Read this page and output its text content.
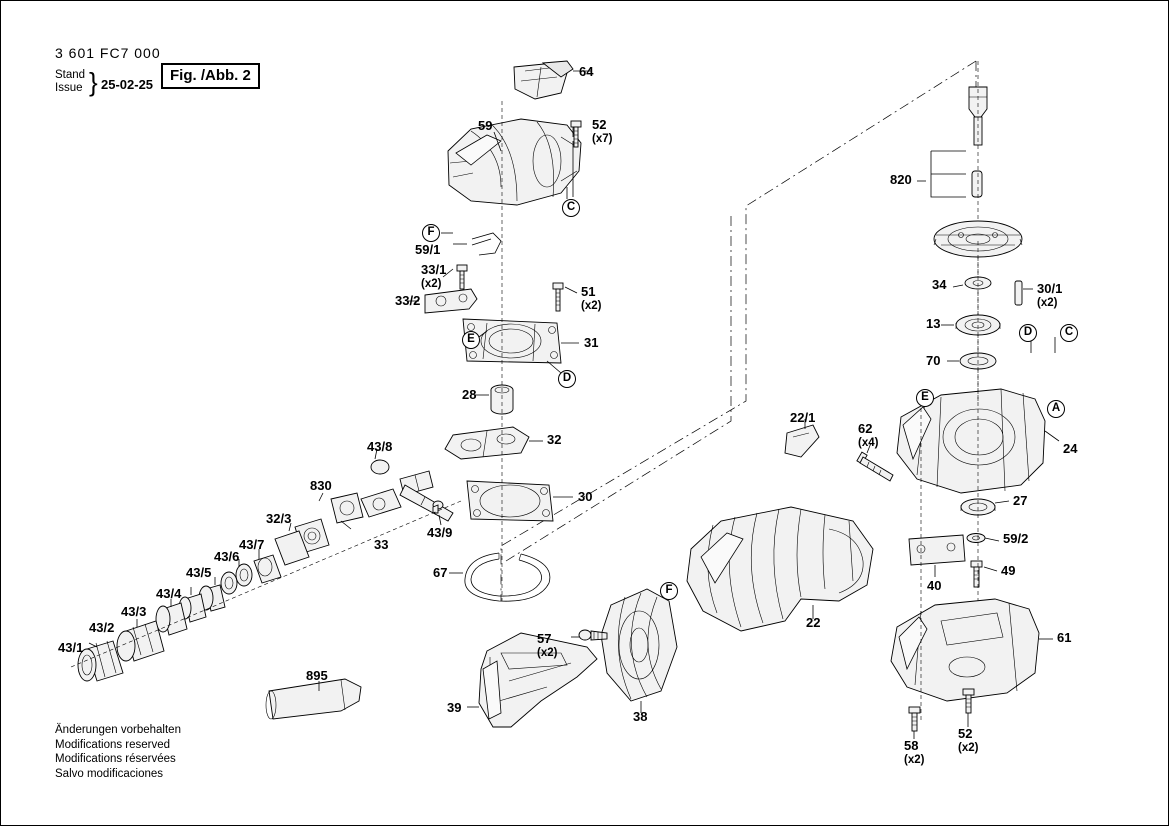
3 601 FC7 000
Stand
Issue } 25-02-25
Fig. /Abb. 2
Änderungen vorbehalten
Modifications reserved
Modifications réservées
Salvo modificaciones
64
59	52
(x7)
59/1
33/1
(x2)
33/2
51
(x2)
31
28
32
30
67
43/8
830
33
43/9
32/3
43/7
43/6
43/5
43/4
43/3
43/2
43/1
895
57
(x2)
39
38
22
22/1
62
(x4)
820
34
13
70
30/1
(x2)
24
27
59/2
49
40
61
58
(x2)
52
(x2)
C
F
E
D
F
E
D	C
A
